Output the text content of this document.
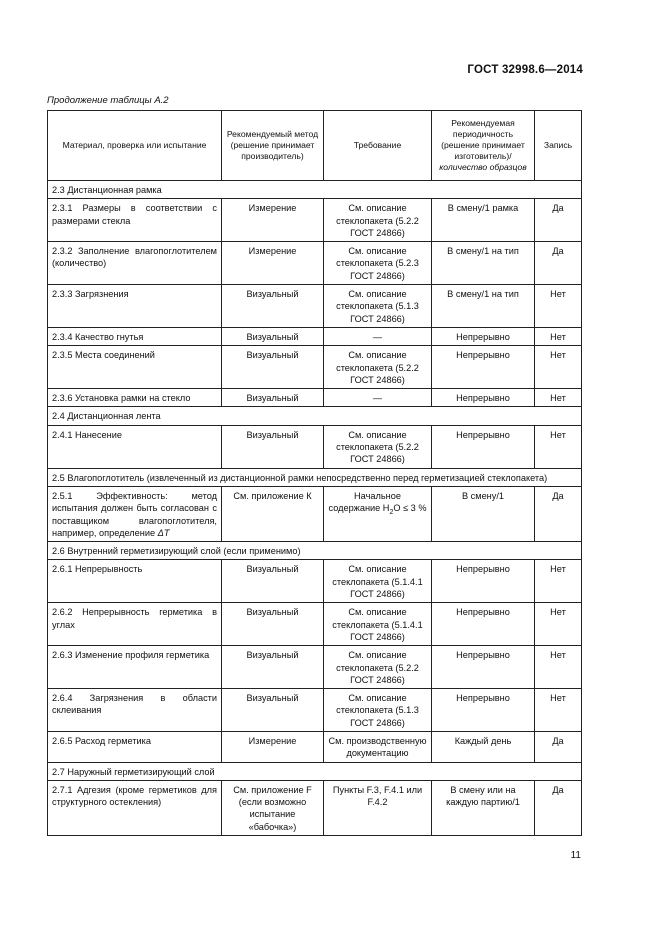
ГОСТ 32998.6—2014
Продолжение таблицы А.2
Материал, проверка или испытание	Рекомендуемый метод (решение принимает производитель)	Требование	Рекомендуемая периодичность (решение принимает изготовитель)/
количество образцов	Запись
2.3 Дистанционная рамка				
2.3.1 Размеры в соответствии с размерами стекла	Измерение	См. описание стеклопакета (5.2.2 ГОСТ 24866)	В смену/1 рамка	Да
2.3.2 Заполнение влагопоглотителем (количество)	Измерение	См. описание стеклопакета (5.2.3 ГОСТ 24866)	В смену/1 на тип	Да
2.3.3 Загрязнения	Визуальный	См. описание стеклопакета (5.1.3 ГОСТ 24866)	В смену/1 на тип	Нет
2.3.4 Качество гнутья	Визуальный	—	Непрерывно	Нет
2.3.5 Места соединений	Визуальный	См. описание стеклопакета (5.2.2 ГОСТ 24866)	Непрерывно	Нет
2.3.6 Установка рамки на стекло	Визуальный	—	Непрерывно	Нет
2.4 Дистанционная лента				
2.4.1 Нанесение	Визуальный	См. описание стеклопакета (5.2.2 ГОСТ 24866)	Непрерывно	Нет
2.5 Влагопоглотитель (извлеченный из дистанционной рамки непосредственно перед герметизацией стеклопакета)				
2.5.1 Эффективность: метод испытания должен быть согласован с поставщиком влагопоглотителя, например, определение ΔT	См. приложение К	Начальное содержание $H_2O \le 3$ %	В смену/1	Да
2.6 Внутренний герметизирующий слой (если применимо)				
2.6.1 Непрерывность	Визуальный	См. описание стеклопакета (5.1.4.1 ГОСТ 24866)	Непрерывно	Нет
2.6.2 Непрерывность герметика в углах	Визуальный	См. описание стеклопакета (5.1.4.1 ГОСТ 24866)	Непрерывно	Нет
2.6.3 Изменение профиля герметика	Визуальный	См. описание стеклопакета (5.2.2 ГОСТ 24866)	Непрерывно	Нет
2.6.4 Загрязнения в области склеивания	Визуальный	См. описание стеклопакета (5.1.3 ГОСТ 24866)	Непрерывно	Нет
2.6.5 Расход герметика	Измерение	См. производственную документацию	Каждый день	Да
2.7 Наружный герметизирующий слой				
2.7.1 Адгезия (кроме герметиков для структурного остекления)	См. приложение F (если возможно испытание «бабочка»)	Пункты F.3, F.4.1 или F.4.2	В смену или на каждую партию/1	Да
11
